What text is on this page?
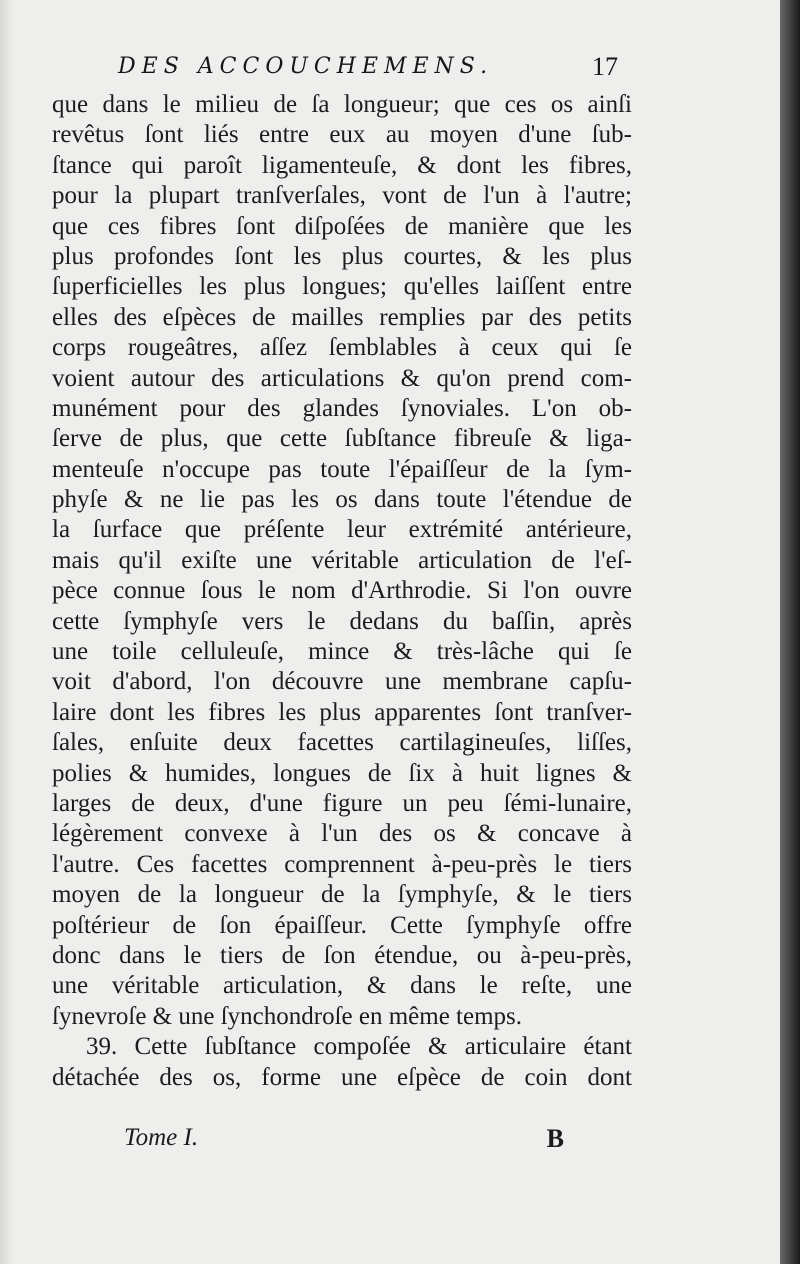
DES ACCOUCHEMENS.	17
que dans le milieu de ſa longueur; que ces os ainſi
revêtus ſont liés entre eux au moyen d'une ſub-
ſtance qui paroît ligamenteuſe, & dont les fibres,
pour la plupart tranſverſales, vont de l'un à l'autre;
que ces fibres ſont diſpoſées de manière que les
plus profondes ſont les plus courtes, & les plus
ſuperficielles les plus longues; qu'elles laiſſent entre
elles des eſpèces de mailles remplies par des petits
corps rougeâtres, aſſez ſemblables à ceux qui ſe
voient autour des articulations & qu'on prend com-
munément pour des glandes ſynoviales. L'on ob-
ſerve de plus, que cette ſubſtance fibreuſe & liga-
menteuſe n'occupe pas toute l'épaiſſeur de la ſym-
phyſe & ne lie pas les os dans toute l'étendue de
la ſurface que préſente leur extrémité antérieure,
mais qu'il exiſte une véritable articulation de l'eſ-
pèce connue ſous le nom d'Arthrodie. Si l'on ouvre
cette ſymphyſe vers le dedans du baſſin, après
une toile celluleuſe, mince & très-lâche qui ſe
voit d'abord, l'on découvre une membrane capſu-
laire dont les fibres les plus apparentes ſont tranſver-
ſales, enſuite deux facettes cartilagineuſes, liſſes,
polies & humides, longues de ſix à huit lignes &
larges de deux, d'une figure un peu ſémi-lunaire,
légèrement convexe à l'un des os & concave à
l'autre. Ces facettes comprennent à-peu-près le tiers
moyen de la longueur de la ſymphyſe, & le tiers
poſtérieur de ſon épaiſſeur. Cette ſymphyſe offre
donc dans le tiers de ſon étendue, ou à-peu-près,
une véritable articulation, & dans le reſte, une
ſynevroſe & une ſynchondroſe en même temps.
39. Cette ſubſtance compoſée & articulaire étant
détachée des os, forme une eſpèce de coin dont
Tome I.	B
